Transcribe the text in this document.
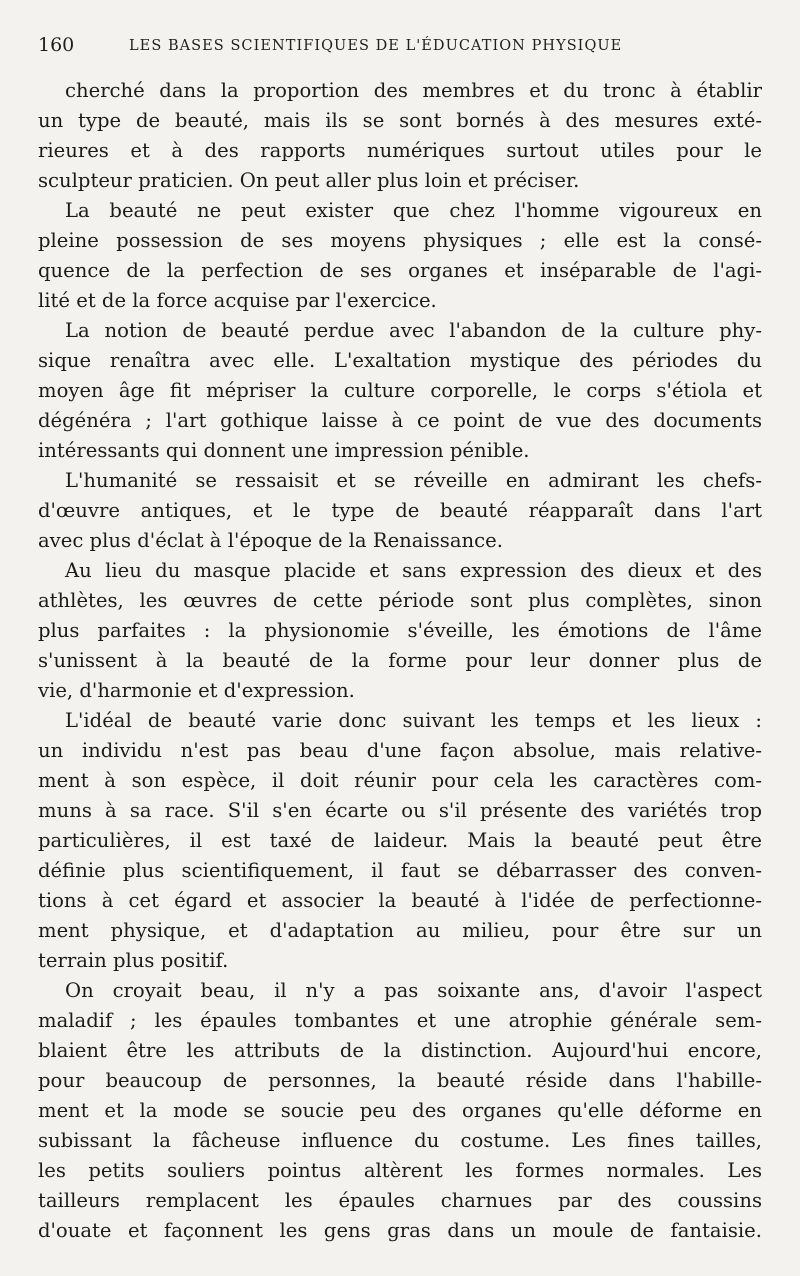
160	LES BASES SCIENTIFIQUES DE L'ÉDUCATION PHYSIQUE
cherché dans la proportion des membres et du tronc à établir
un type de beauté, mais ils se sont bornés à des mesures exté-
rieures et à des rapports numériques surtout utiles pour le
sculpteur praticien. On peut aller plus loin et préciser.
La beauté ne peut exister que chez l'homme vigoureux en
pleine possession de ses moyens physiques ; elle est la consé-
quence de la perfection de ses organes et inséparable de l'agi-
lité et de la force acquise par l'exercice.
La notion de beauté perdue avec l'abandon de la culture phy-
sique renaîtra avec elle. L'exaltation mystique des périodes du
moyen âge fit mépriser la culture corporelle, le corps s'étiola et
dégénéra ; l'art gothique laisse à ce point de vue des documents
intéressants qui donnent une impression pénible.
L'humanité se ressaisit et se réveille en admirant les chefs-
d'œuvre antiques, et le type de beauté réapparaît dans l'art
avec plus d'éclat à l'époque de la Renaissance.
Au lieu du masque placide et sans expression des dieux et des
athlètes, les œuvres de cette période sont plus complètes, sinon
plus parfaites : la physionomie s'éveille, les émotions de l'âme
s'unissent à la beauté de la forme pour leur donner plus de
vie, d'harmonie et d'expression.
L'idéal de beauté varie donc suivant les temps et les lieux :
un individu n'est pas beau d'une façon absolue, mais relative-
ment à son espèce, il doit réunir pour cela les caractères com-
muns à sa race. S'il s'en écarte ou s'il présente des variétés trop
particulières, il est taxé de laideur. Mais la beauté peut être
définie plus scientifiquement, il faut se débarrasser des conven-
tions à cet égard et associer la beauté à l'idée de perfectionne-
ment physique, et d'adaptation au milieu, pour être sur un
terrain plus positif.
On croyait beau, il n'y a pas soixante ans, d'avoir l'aspect
maladif ; les épaules tombantes et une atrophie générale sem-
blaient être les attributs de la distinction. Aujourd'hui encore,
pour beaucoup de personnes, la beauté réside dans l'habille-
ment et la mode se soucie peu des organes qu'elle déforme en
subissant la fâcheuse influence du costume. Les fines tailles,
les petits souliers pointus altèrent les formes normales. Les
tailleurs remplacent les épaules charnues par des coussins
d'ouate et façonnent les gens gras dans un moule de fantaisie.
